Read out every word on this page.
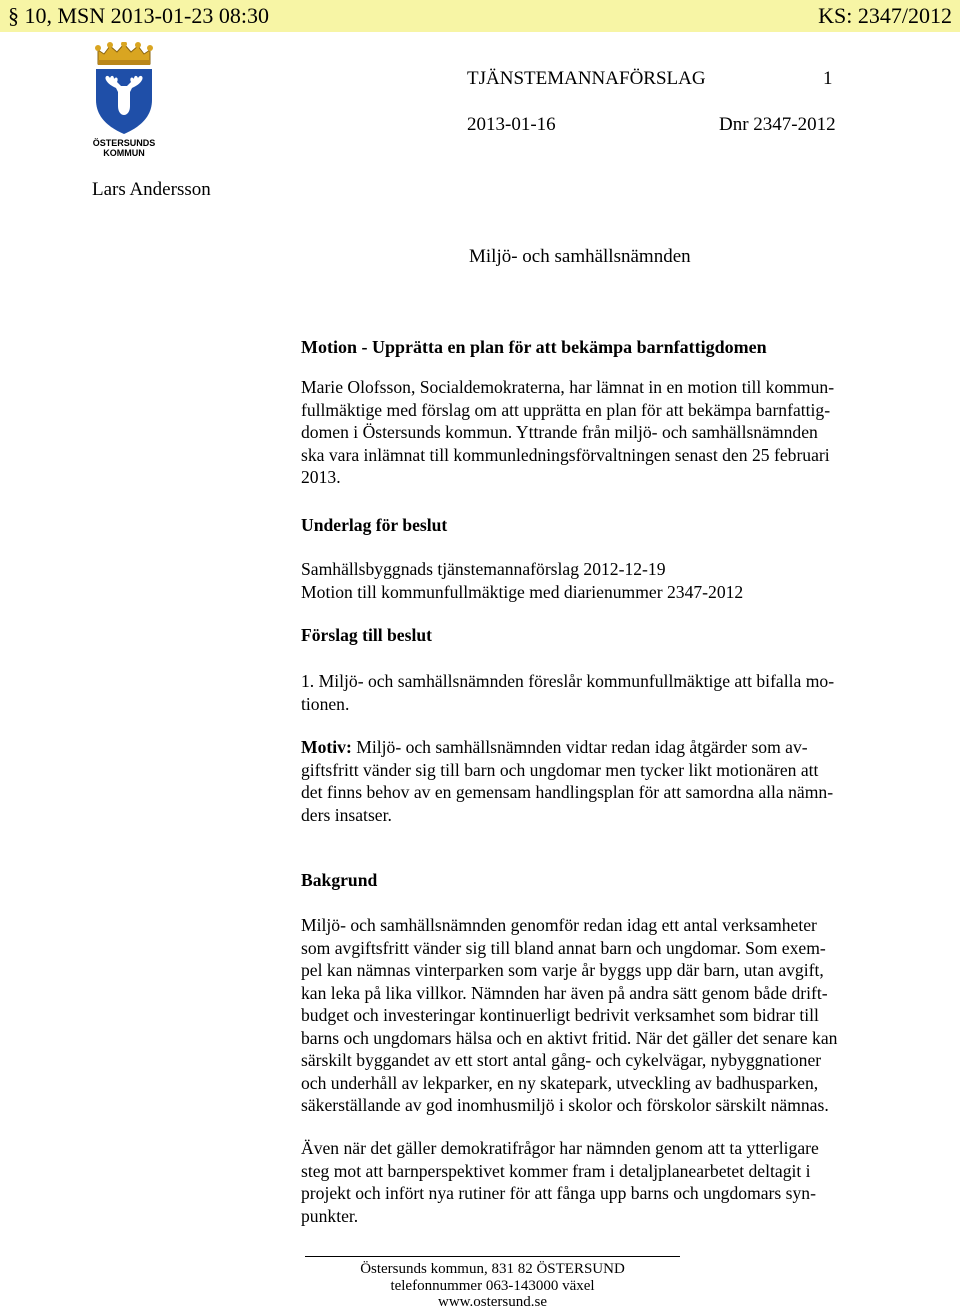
§ 10, MSN 2013-01-23 08:30	KS: 2347/2012
ÖSTERSUNDS
KOMMUN
TJÄNSTEMANNAFÖRSLAG	1
2013-01-16	Dnr 2347-2012
Lars Andersson
Miljö- och samhällsnämnden
Motion - Upprätta en plan för att bekämpa barnfattigdomen
Marie Olofsson, Socialdemokraterna, har lämnat in en motion till kommun-
fullmäktige med förslag om att upprätta en plan för att bekämpa barnfattig-
domen i Östersunds kommun. Yttrande från miljö- och samhällsnämnden
ska vara inlämnat till kommunledningsförvaltningen senast den 25 februari
2013.
Underlag för beslut
Samhällsbyggnads tjänstemannaförslag 2012-12-19
Motion till kommunfullmäktige med diarienummer 2347-2012
Förslag till beslut
1. Miljö- och samhällsnämnden föreslår kommunfullmäktige att bifalla mo-
tionen.
Motiv: Miljö- och samhällsnämnden vidtar redan idag åtgärder som av-
giftsfritt vänder sig till barn och ungdomar men tycker likt motionären att
det finns behov av en gemensam handlingsplan för att samordna alla nämn-
ders insatser.
Bakgrund
Miljö- och samhällsnämnden genomför redan idag ett antal verksamheter
som avgiftsfritt vänder sig till bland annat barn och ungdomar. Som exem-
pel kan nämnas vinterparken som varje år byggs upp där barn, utan avgift,
kan leka på lika villkor. Nämnden har även på andra sätt genom både drift-
budget och investeringar kontinuerligt bedrivit verksamhet som bidrar till
barns och ungdomars hälsa och en aktivt fritid. När det gäller det senare kan
särskilt byggandet av ett stort antal gång- och cykelvägar, nybyggnationer
och underhåll av lekparker, en ny skatepark, utveckling av badhusparken,
säkerställande av god inomhusmiljö i skolor och förskolor särskilt nämnas.
Även när det gäller demokratifrågor har nämnden genom att ta ytterligare
steg mot att barnperspektivet kommer fram i detaljplanearbetet deltagit i
projekt och infört nya rutiner för att fånga upp barns och ungdomars syn-
punkter.
Östersunds kommun, 831 82 ÖSTERSUND
telefonnummer 063-143000 växel
www.ostersund.se
